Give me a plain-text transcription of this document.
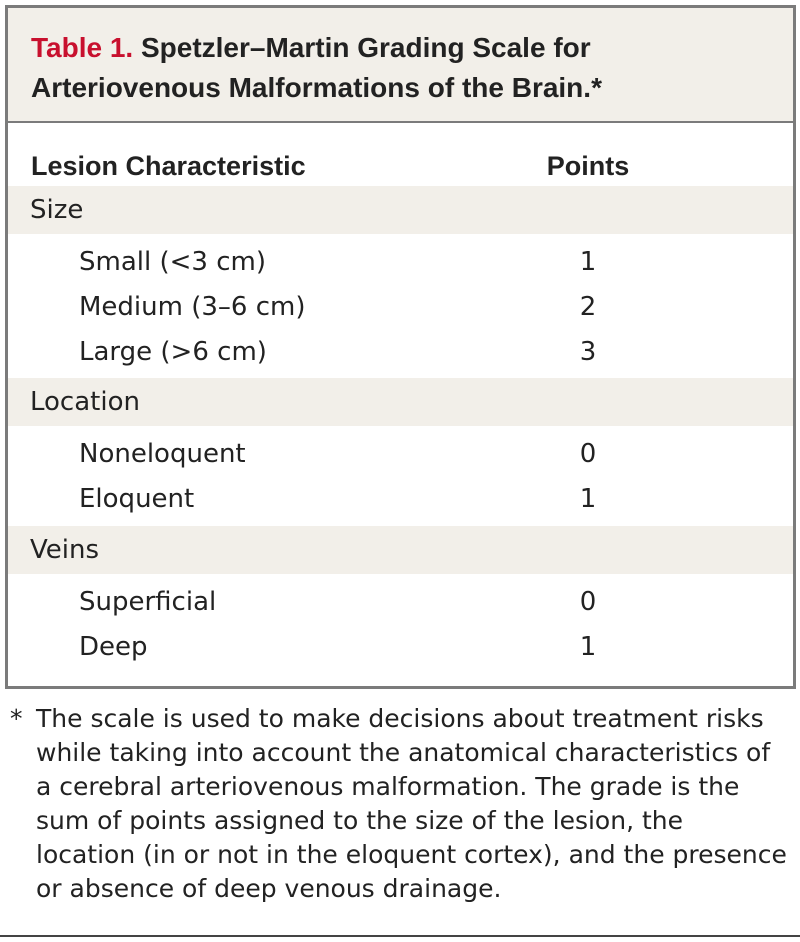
Table 1. Spetzler–Martin Grading Scale for Arteriovenous Malformations of the Brain.*
Lesion Characteristic	Points
Size
Small (<3 cm)	1
Medium (3–6 cm)	2
Large (>6 cm)	3
Location
Noneloquent	0
Eloquent	1
Veins
Superficial	0
Deep	1
* The scale is used to make decisions about treatment risks while taking into account the anatomical characteristics of a cerebral arteriovenous malformation. The grade is the sum of points assigned to the size of the lesion, the location (in or not in the eloquent cortex), and the presence or absence of deep venous drainage.
